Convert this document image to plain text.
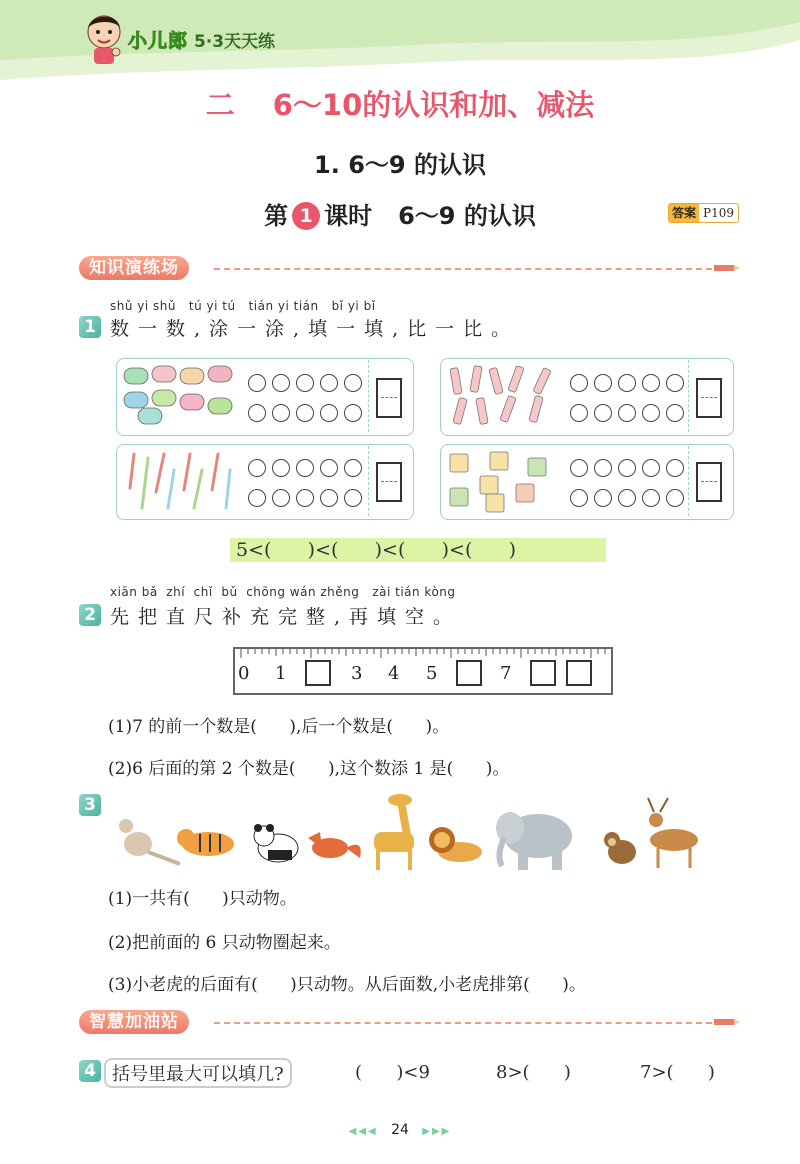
小儿郎 5·3天天练
二 6～10的认识和加、减法
1. 6～9 的认识
第 1 课时 6～9 的认识	答案 P109
知识演练场
shǔ yi shǔ   tú yi tú   tián yi tián   bǐ yi bǐ
1 数一数,涂一涂,填一填,比一比。
5<(      )<(      )<(      )<(      )
xiān bǎ  zhí  chǐ  bǔ  chōng wán zhěng   zài tián kòng
2 先把直尺补充完整,再填空。
0 1	3 4 5	7
(1)7 的前一个数是(      ),后一个数是(      )。
(2)6 后面的第 2 个数是(      ),这个数添 1 是(      )。
3
(1)一共有(      )只动物。
(2)把前面的 6 只动物圈起来。
(3)小老虎的后面有(      )只动物。从后面数,小老虎排第(      )。
智慧加油站
4 括号里最大可以填几?	(      )<9	8>(      )	7>(      )
◀◀◀ 24 ▶▶▶
